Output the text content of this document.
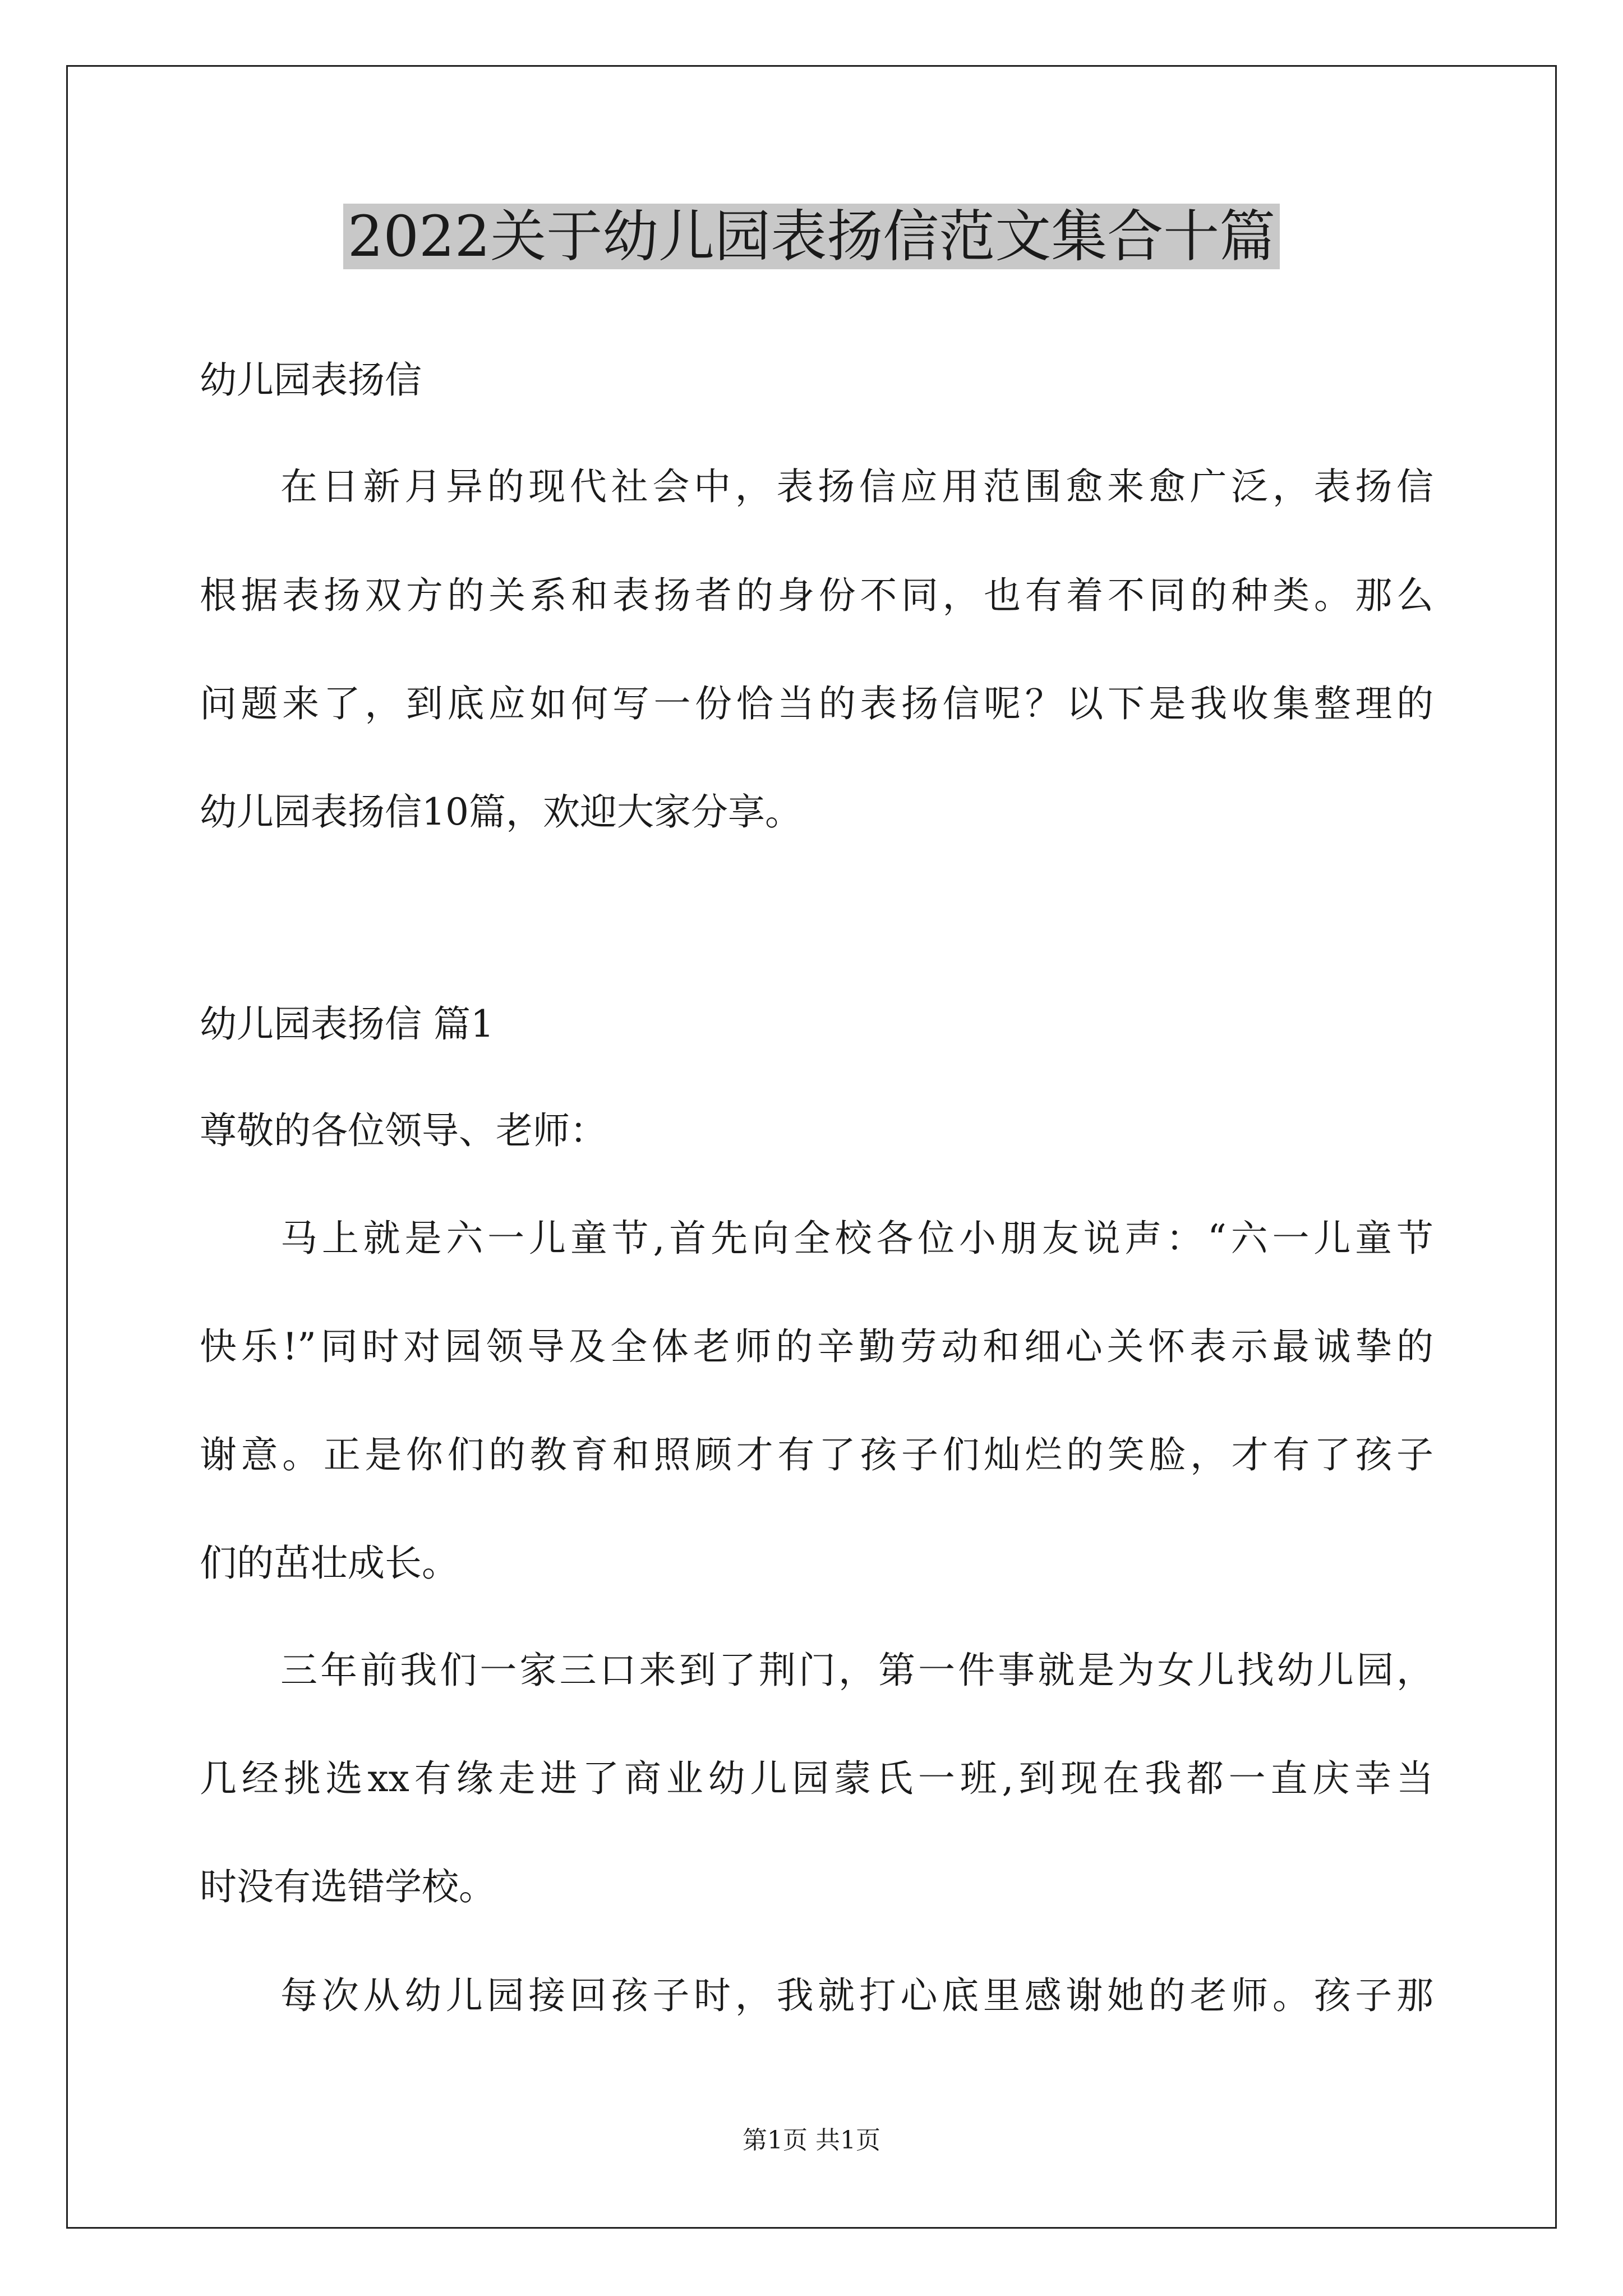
2022关于幼儿园表扬信范文集合十篇

幼儿园表扬信

在日新月异的现代社会中，表扬信应用范围愈来愈广泛，表扬信

根据表扬双方的关系和表扬者的身份不同，也有着不同的种类。那么

问题来了，到底应如何写一份恰当的表扬信呢？以下是我收集整理的

幼儿园表扬信10篇，欢迎大家分享。

幼儿园表扬信 篇1

尊敬的各位领导、老师：

马上就是六一儿童节,首先向全校各位小朋友说声：“六一儿童节

快乐!”同时对园领导及全体老师的辛勤劳动和细心关怀表示最诚挚的

谢意。正是你们的教育和照顾才有了孩子们灿烂的笑脸，才有了孩子

们的茁壮成长。

三年前我们一家三口来到了荆门，第一件事就是为女儿找幼儿园，

几经挑选xx有缘走进了商业幼儿园蒙氏一班,到现在我都一直庆幸当

时没有选错学校。

每次从幼儿园接回孩子时，我就打心底里感谢她的老师。孩子那

第1页 共1页
